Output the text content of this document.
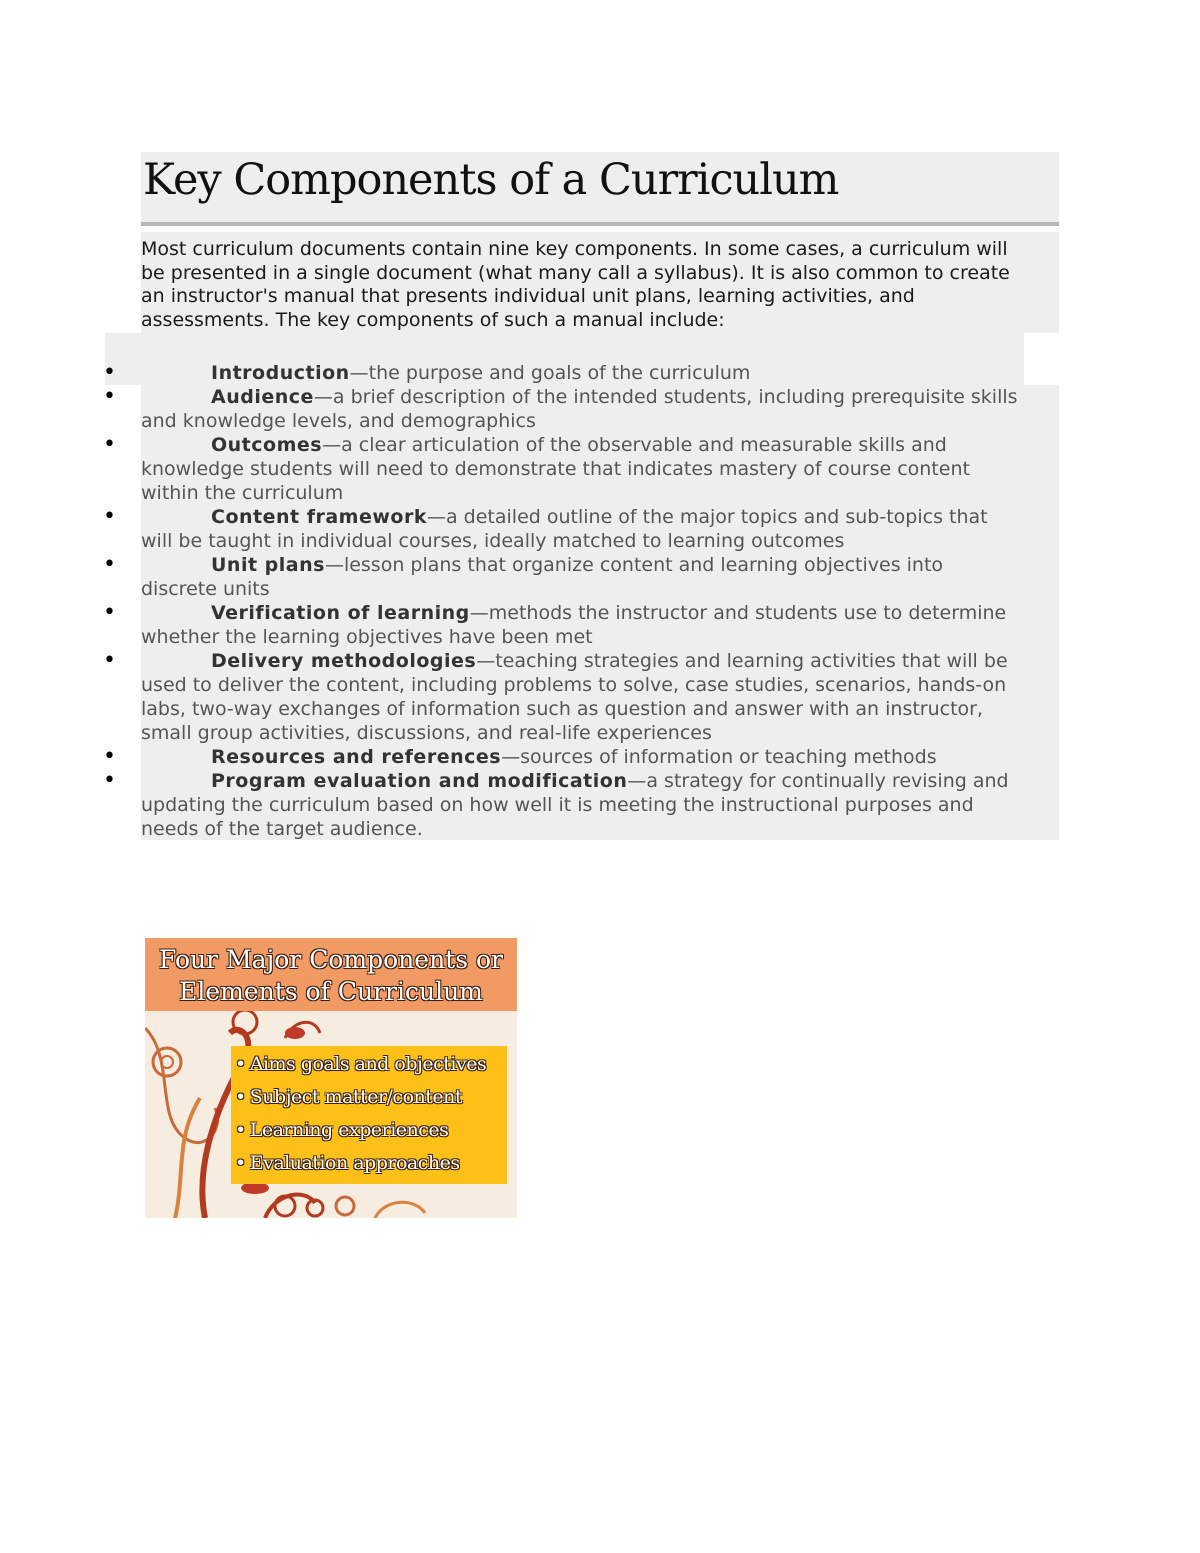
Key Components of a Curriculum

Most curriculum documents contain nine key components. In some cases, a curriculum will be presented in a single document (what many call a syllabus). It is also common to create an instructor's manual that presents individual unit plans, learning activities, and assessments. The key components of such a manual include:

• Introduction—the purpose and goals of the curriculum
• Audience—a brief description of the intended students, including prerequisite skills and knowledge levels, and demographics
• Outcomes—a clear articulation of the observable and measurable skills and knowledge students will need to demonstrate that indicates mastery of course content within the curriculum
• Content framework—a detailed outline of the major topics and sub-topics that will be taught in individual courses, ideally matched to learning outcomes
• Unit plans—lesson plans that organize content and learning objectives into discrete units
• Verification of learning—methods the instructor and students use to determine whether the learning objectives have been met
• Delivery methodologies—teaching strategies and learning activities that will be used to deliver the content, including problems to solve, case studies, scenarios, hands-on labs, two-way exchanges of information such as question and answer with an instructor, small group activities, discussions, and real-life experiences
• Resources and references—sources of information or teaching methods
• Program evaluation and modification—a strategy for continually revising and updating the curriculum based on how well it is meeting the instructional purposes and needs of the target audience.

Four Major Components or
Elements of Curriculum

• Aims goals and objectives
• Subject matter/content
• Learning experiences
• Evaluation approaches
